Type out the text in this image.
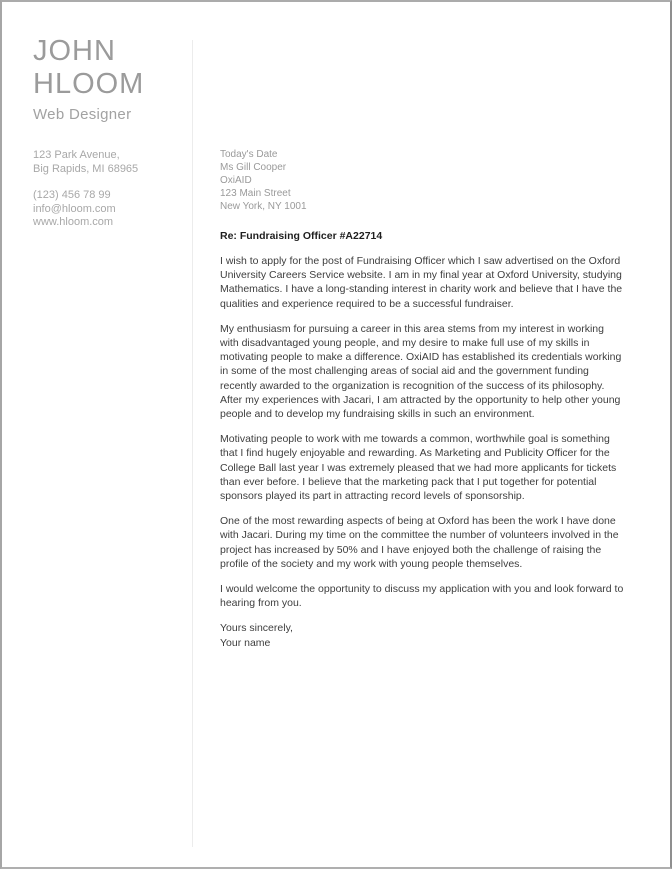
JOHN
HLOOM
Web Designer
123 Park Avenue,
Big Rapids, MI 68965
(123) 456 78 99
info@hloom.com
www.hloom.com
Today's Date
Ms Gill Cooper
OxiAID
123 Main Street
New York, NY 1001
Re: Fundraising Officer #A22714

I wish to apply for the post of Fundraising Officer which I saw advertised on the Oxford University Careers Service website. I am in my final year at Oxford University, studying Mathematics. I have a long-standing interest in charity work and believe that I have the qualities and experience required to be a successful fundraiser.

My enthusiasm for pursuing a career in this area stems from my interest in working with disadvantaged young people, and my desire to make full use of my skills in motivating people to make a difference. OxiAID has established its credentials working in some of the most challenging areas of social aid and the government funding recently awarded to the organization is recognition of the success of its philosophy. After my experiences with Jacari, I am attracted by the opportunity to help other young people and to develop my fundraising skills in such an environment.

Motivating people to work with me towards a common, worthwhile goal is something that I find hugely enjoyable and rewarding. As Marketing and Publicity Officer for the College Ball last year I was extremely pleased that we had more applicants for tickets than ever before. I believe that the marketing pack that I put together for potential sponsors played its part in attracting record levels of sponsorship.

One of the most rewarding aspects of being at Oxford has been the work I have done with Jacari. During my time on the committee the number of volunteers involved in the project has increased by 50% and I have enjoyed both the challenge of raising the profile of the society and my work with young people themselves.

I would welcome the opportunity to discuss my application with you and look forward to hearing from you.

Yours sincerely,
Your name
